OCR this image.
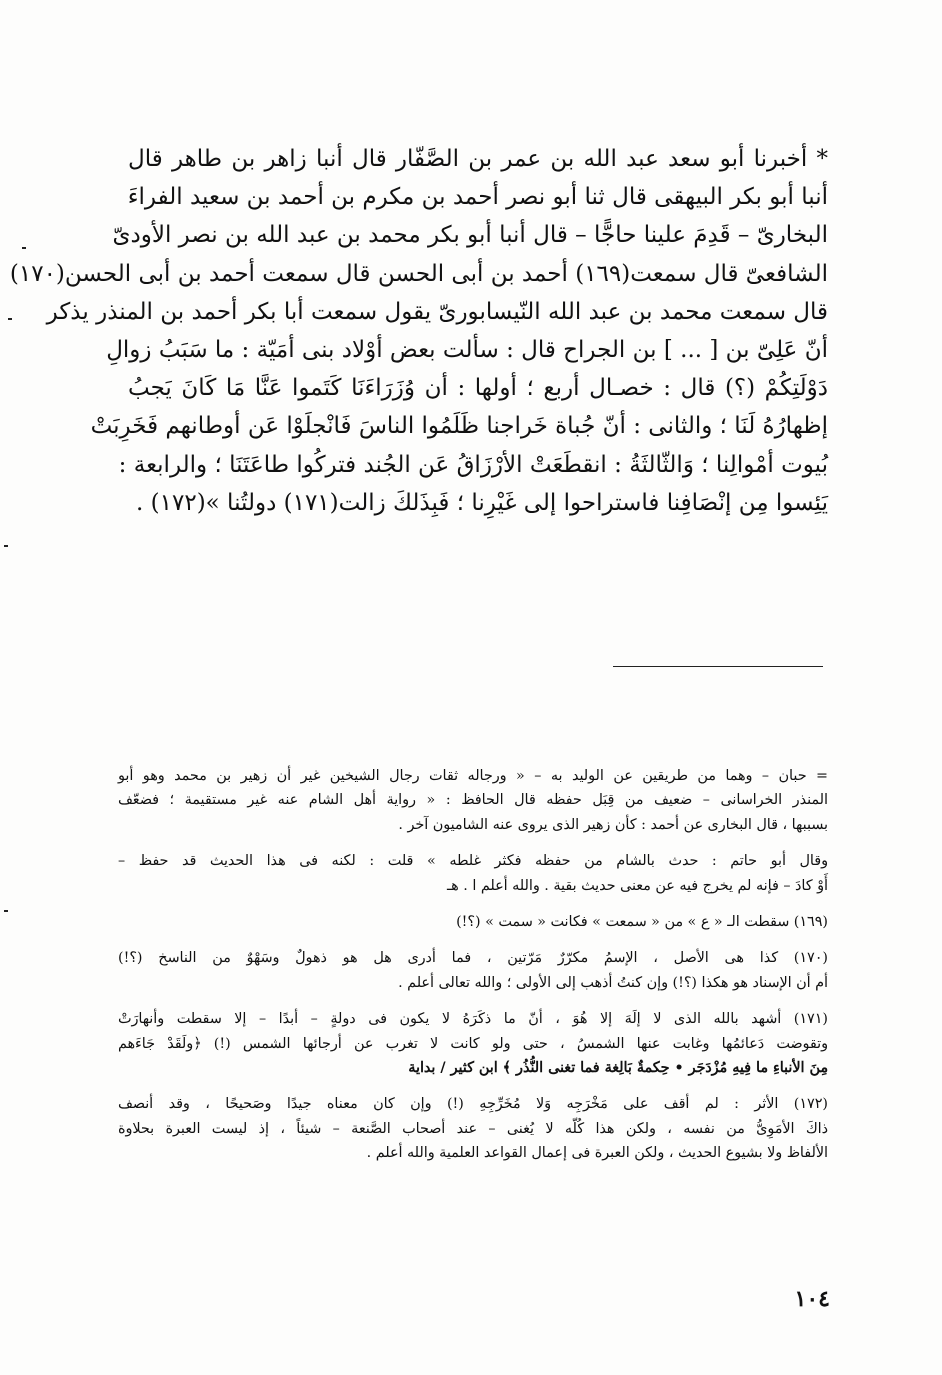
* أخبرنا أبو سعد عبد الله بن عمر بن الصَّفّار قال أنبا زاهر بن طاهر قال
أنبا أبو بكر البيهقى قال ثنا أبو نصر أحمد بن مكرم بن أحمد بن سعيد الفراءَ
البخارىّ – قَدِمَ علينا حاجًّا – قال أنبا أبو بكر محمد بن عبد الله بن نصر الأودىّ
الشافعىّ قال سمعت(١٦٩) أحمد بن أبى الحسن قال سمعت أحمد بن أبى الحسن(١٧٠)
قال سمعت محمد بن عبد الله النّيسابورىّ يقول سمعت أبا بكر أحمد بن المنذر يذكر
أنّ عَلِىّ بن [ ... ] بن الجراح قال : سألت بعض أوْلاد بنى أمَيّة : ما سَبَبُ زوالِ
دَوْلَتِكُمْ (؟) قال : خصـال أربع ؛ أولها : أن وُزَرَاءَنَا كَتَموا عَنَّا مَا كَانَ يَجبُ
إظهارُهُ لَنَا ؛ والثانى : أنّ جُباة خَراجنا ظَلَمُوا الناسَ فَانْجلَوْا عَن أوطانهم فَخَرِبَتْ
بُيوت أمْوالِنا ؛ وَالثّالثَةُ : انقطَعَتْ الأرْزَاقُ عَن الجُند فتركُوا طاعَتَنَا ؛ والرابعة :
يَئِسوا مِن إنْصَافِنا فاستراحوا إلى غَيْرِنا ؛ فَبِذَلكَ زالت(١٧١) دولتُنا »(١٧٢) .
= حبان – وهما من طريقين عن الوليد به – « ورجاله ثقات رجال الشيخين غير أن زهير بن محمد وهو أبو
المنذر الخراسانى – ضعيف من قِبَل حفظه قال الحافظ : « رواية أهل الشام عنه غير مستقيمة ؛ فضعّف
بسببها ، قال البخارى عن أحمد : كأن زهير الذى يروى عنه الشاميون آخر .
وقال أبو حاتم : حدث بالشام من حفظه فكثر غلطه » قلت : لكنه فى هذا الحديث قد حفظ –
أَوْ كادَ – فإنه لم يخرج فيه عن معنى حديث بقية . والله أعلم ا . هـ
(١٦٩) سقطت الـ « ع » من « سمعت » فكانت « سمت » (؟!)
(١٧٠) كذا هى الأصل ، الإسمُ مكرّرٌ مَرّتين ، فما أدرى هل هو ذهولٌ وسَهْوٌ من الناسخ (؟!)
أم أن الإسناد هو هكذا (؟!) وإن كنتُ أذهب إلى الأولى ؛ والله تعالى أعلم .
(١٧١) أشهد بالله الذى لا إلَهَ إلا هُوَ ، أنّ ما ذكَرَهُ لا يكون فى دولةٍ – أبدًا – إلا سقطت وأنهارَتْ
وتقوضت دَعائمُها وغابت عنها الشمسُ ، حتى ولو كانت لا تغرب عن أرجائها الشمس (!) ﴿ولَقَدْ جَاءَهم
مِنَ الأنباءِ ما فِيهِ مُزْدَجَر • حِكمةٌ بَالِغة فما تغنى النُّذُر ﴾ ابن كثير / بداية
(١٧٢) الأثر : لم أقف على مَخْرَجِه وَلا مُخَرِّجِهِ (!) وإن كان معناه جيدًا وصَحيحًا ، وقد أنصف
ذاكَ الأمَوِىُّ من نفسه ، ولكن هذا كُلّه لا يُغنى – عند أصحاب الصَّنعة – شيئاً ، إذ ليست العبرة بحلاوة
الألفاظ ولا بشيوع الحديث ، ولكن العبرة فى إعمال القواعد العلمية والله أعلم .
١٠٤
